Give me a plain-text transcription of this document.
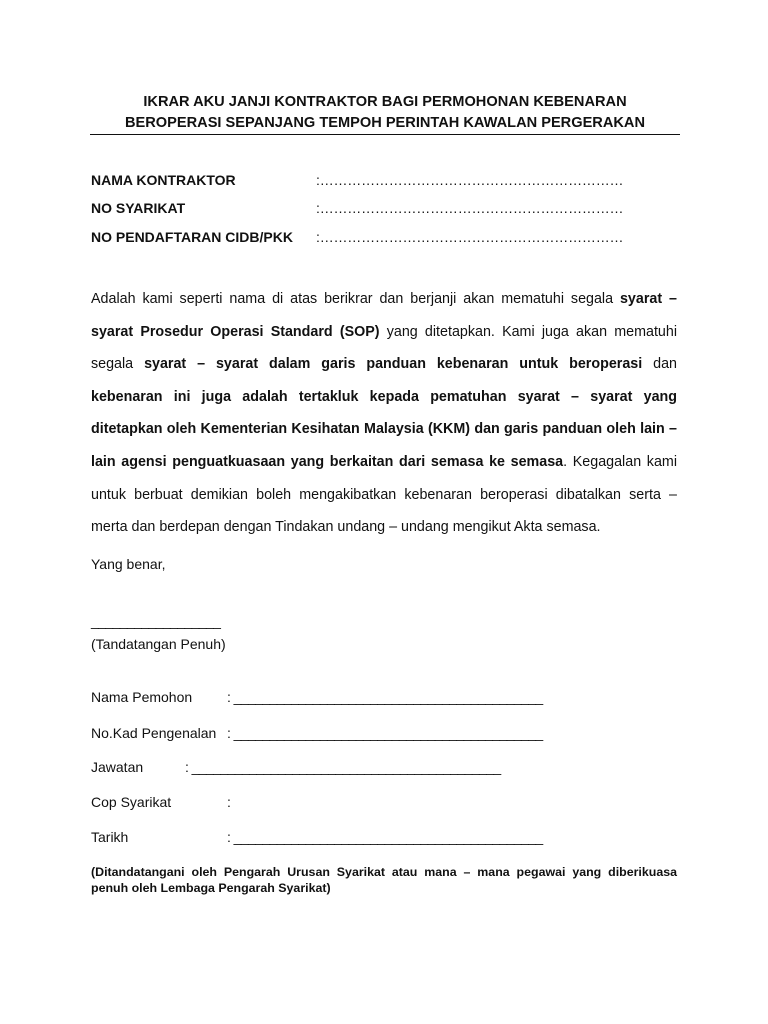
IKRAR AKU JANJI KONTRAKTOR BAGI PERMOHONAN KEBENARAN
BEROPERASI SEPANJANG TEMPOH PERINTAH KAWALAN PERGERAKAN
NAMA KONTRAKTOR	:…………………………………………………………
NO SYARIKAT	:…………………………………………………………
NO PENDAFTARAN CIDB/PKK :…………………………………………………………
Adalah kami seperti nama di atas berikrar dan berjanji akan mematuhi segala syarat – syarat Prosedur Operasi Standard (SOP) yang ditetapkan. Kami juga akan mematuhi segala syarat – syarat dalam garis panduan kebenaran untuk beroperasi dan kebenaran ini juga adalah tertakluk kepada pematuhan syarat – syarat yang ditetapkan oleh Kementerian Kesihatan Malaysia (KKM) dan garis panduan oleh lain – lain agensi penguatkuasaan yang berkaitan dari semasa ke semasa. Kegagalan kami untuk berbuat demikian boleh mengakibatkan kebenaran beroperasi dibatalkan serta – merta dan berdepan dengan Tindakan undang – undang mengikut Akta semasa.
Yang benar,
__________________
(Tandatangan Penuh)
Nama Pemohon : ___________________________________________
No.Kad Pengenalan : ___________________________________________
Jawatan	: ___________________________________________
Cop Syarikat	:
Tarikh	: ___________________________________________
(Ditandatangani oleh Pengarah Urusan Syarikat atau mana – mana pegawai yang diberikuasa penuh oleh Lembaga Pengarah Syarikat)
